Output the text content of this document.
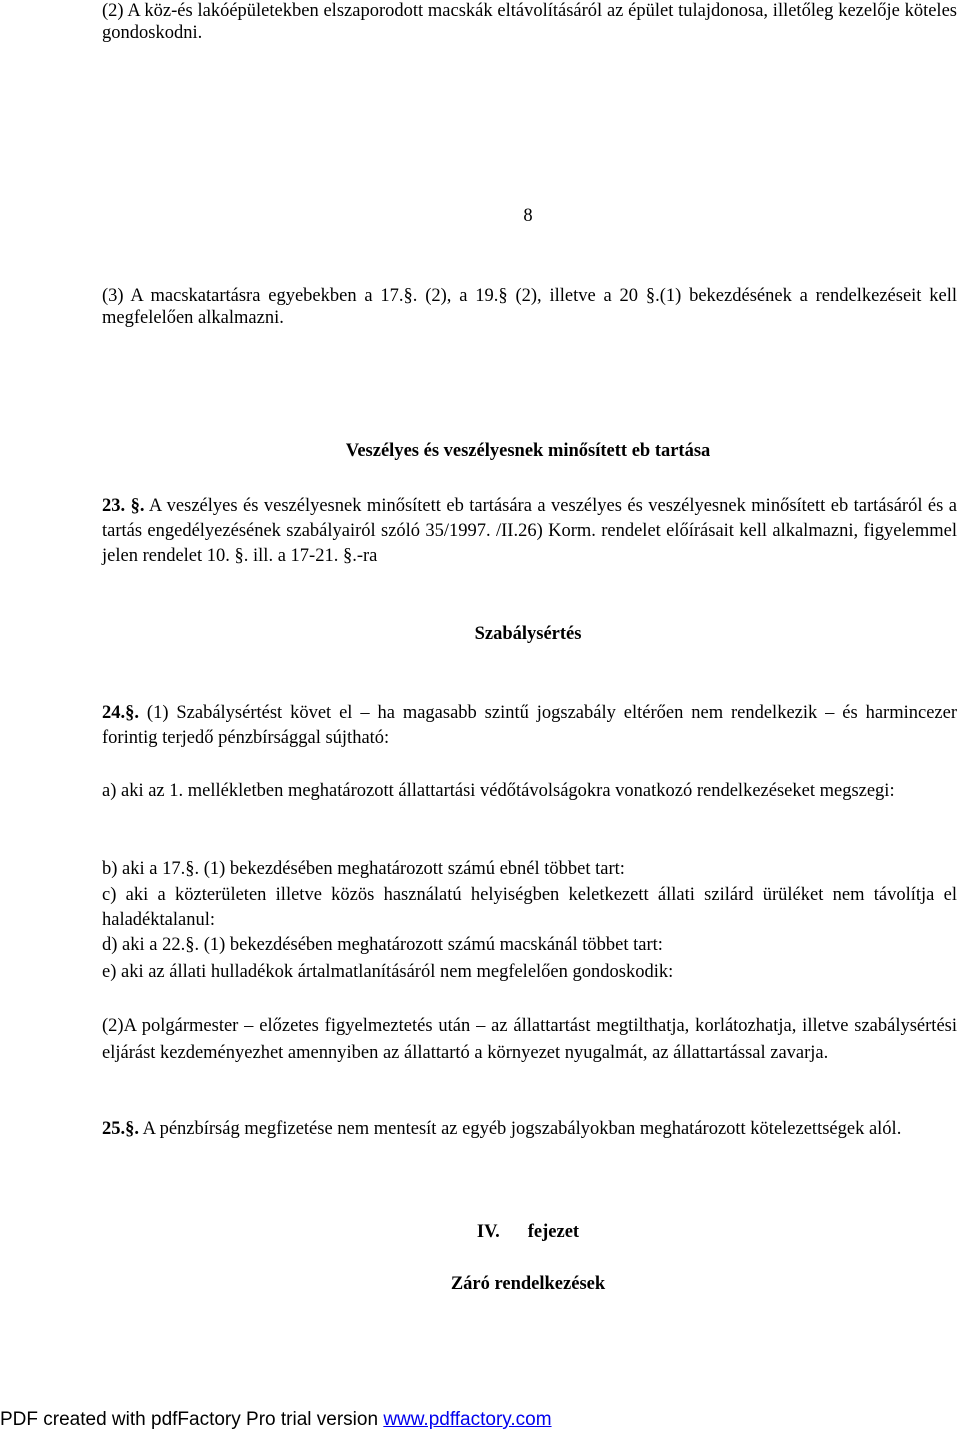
(2) A köz-és lakóépületekben elszaporodott macskák eltávolításáról az épület tulajdonosa, illetőleg kezelője köteles gondoskodni.
8
(3) A macskatartásra egyebekben a 17.§. (2), a 19.§ (2), illetve a 20 §.(1) bekezdésének a rendelkezéseit kell megfelelően alkalmazni.
Veszélyes és veszélyesnek minősített eb tartása
23. §. A veszélyes és veszélyesnek minősített eb tartására a veszélyes és veszélyesnek minősített eb tartásáról és a tartás engedélyezésének szabályairól szóló 35/1997. /II.26) Korm. rendelet előírásait kell alkalmazni, figyelemmel jelen rendelet 10. §. ill. a 17-21. §.-ra
Szabálysértés
24.§. (1) Szabálysértést követ el – ha magasabb szintű jogszabály eltérően nem rendelkezik – és harmincezer forintig terjedő pénzbírsággal sújtható:
a) aki az 1. mellékletben meghatározott állattartási védőtávolságokra vonatkozó rendelkezéseket megszegi:
b) aki a 17.§. (1) bekezdésében meghatározott számú ebnél többet tart:
c) aki a közterületen illetve közös használatú helyiségben keletkezett állati szilárd ürüléket nem távolítja el haladéktalanul:
d) aki a 22.§. (1) bekezdésében meghatározott számú macskánál többet tart:
e) aki az állati hulladékok ártalmatlanításáról nem megfelelően gondoskodik:
(2)A polgármester – előzetes figyelmeztetés után – az állattartást megtilthatja, korlátozhatja, illetve szabálysértési eljárást kezdeményezhet amennyiben az állattartó a környezet nyugalmát, az állattartással zavarja.
25.§. A pénzbírság megfizetése nem mentesít az egyéb jogszabályokban meghatározott kötelezettségek alól.
IV. fejezet
Záró rendelkezések
PDF created with pdfFactory Pro trial version www.pdffactory.com
